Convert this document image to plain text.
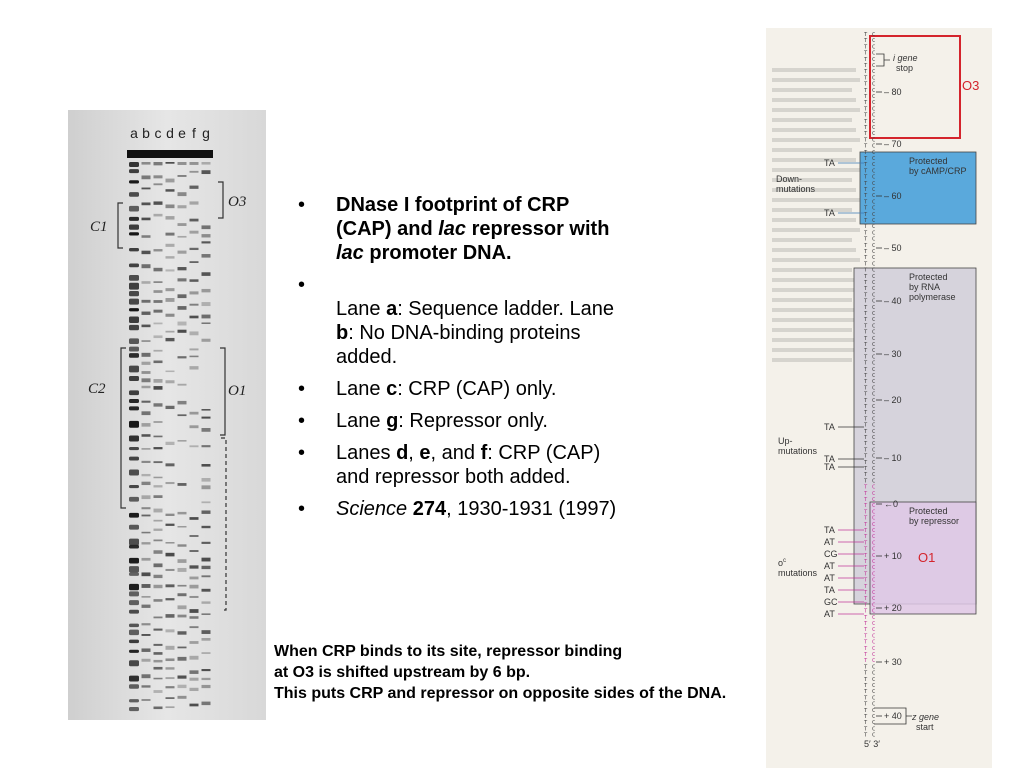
a b c d e f g
C1
O3
C2	O1
• DNase I footprint of CRP (CAP) and lac repressor with lac promoter DNA.

• Lane a: Sequence ladder. Lane b: No DNA-binding proteins added.
• Lane c: CRP (CAP) only.
• Lane g: Repressor only.
• Lanes d, e, and f: CRP (CAP) and repressor both added.
• Science 274, 1930-1931 (1997)
When CRP binds to its site, repressor binding
at O3 is shifted upstream by 6 bp.
This puts CRP and repressor on opposite sides of the DNA.
O3
Protected
by cAMP/CRP
Protected
by RNA
polymerase
Protected
by repressor
O1
T C
T C
T C
T C
T C
T C
T C
T C
T C
T C
T C
T C
T C
T C
T C
T C
T C
T C
T C
T C
T C
T C
T C
T C
T C
T C
T C
T C
T C
T C
T C
T C
T C
T C
T C
T C
T C
T C
T C
T C
T C
T C
T C
T C
T C
T C
T C
T C
T C
T C
T C
T C
T C
T C
T C
T C
T C
T C
T C
T C
T C
T C
T C
T C
T C
T C
T C
T C
T C
T C
T C
T C
T C
T C
T C
T C
T C
T C
T C
T C
T C
T C
T C
T C
T C
T C
T C
T C
T C
T C
T C
T C
T C
T C
T C
T C
T C
T C
T C
T C
T C
T C
T C
T C
T C
T C
T C
T C
T C
T C
T C
T C
T C
T C
– 80
– 70
– 60
– 50
– 40
– 30
– 20
– 10
←0
+ 10
+ 20
+ 30
+ 40
i gene
stop
Down-
mutations
TA
TA
Up-
mutations
TA
TA
TA
$o^c$
mutations
TA
AT
CG
AT
AT
TA
GC
AT
z gene
start
5′ 3′
